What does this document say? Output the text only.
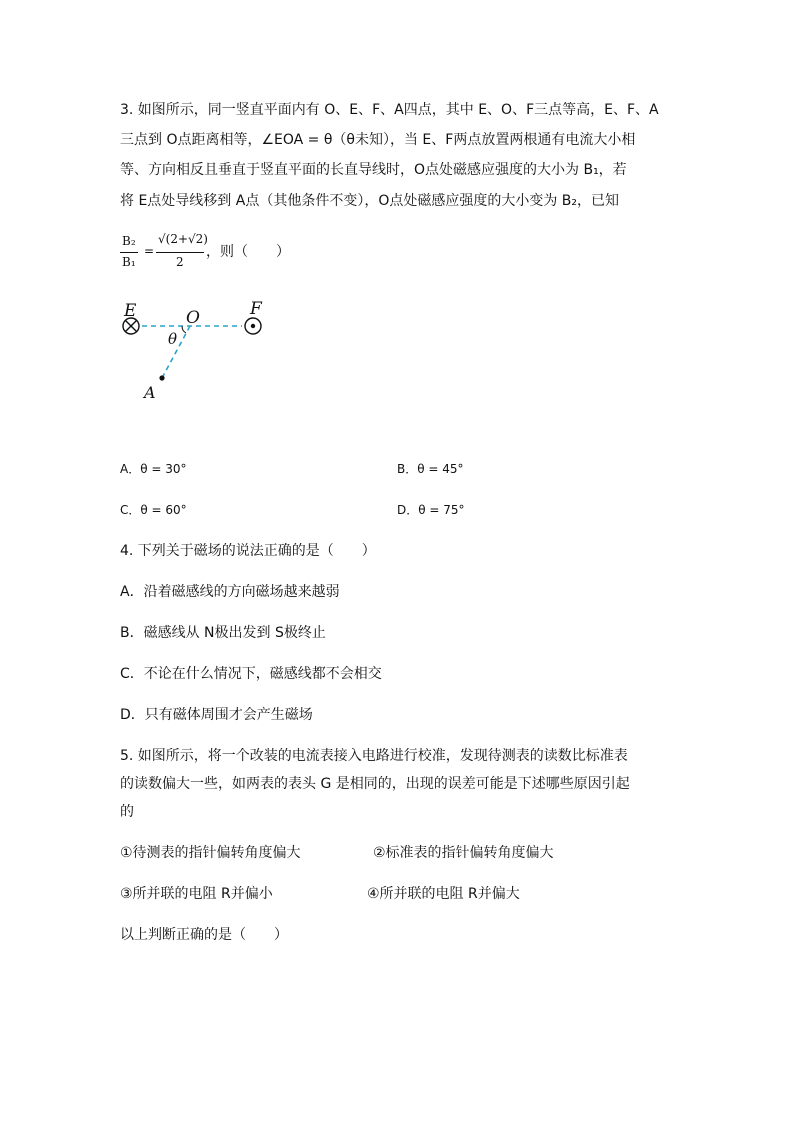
3. 如图所示，同一竖直平面内有 O、E、F、A四点，其中 E、O、F三点等高，E、F、A
三点到 O点距离相等，∠EOA = θ（θ未知），当 E、F两点放置两根通有电流大小相
等、方向相反且垂直于竖直平面的长直导线时，O点处磁感应强度的大小为 B₁，若
将 E点处导线移到 A点（其他条件不变），O点处磁感应强度的大小变为 B₂，已知
B₂
B₁
=
√(2+√2)
2
，则（　　）
E	O	F
A
θ
A．θ = 30°	B．θ = 45°
C．θ = 60°	D．θ = 75°
4. 下列关于磁场的说法正确的是（　　）
A．沿着磁感线的方向磁场越来越弱
B．磁感线从 N极出发到 S极终止
C．不论在什么情况下，磁感线都不会相交
D．只有磁体周围才会产生磁场
5. 如图所示，将一个改装的电流表接入电路进行校准，发现待测表的读数比标准表
的读数偏大一些，如两表的表头 G 是相同的，出现的误差可能是下述哪些原因引起
的
①待测表的指针偏转角度偏大	②标准表的指针偏转角度偏大
③所并联的电阻 R并偏小	④所并联的电阻 R并偏大
以上判断正确的是（　　）
